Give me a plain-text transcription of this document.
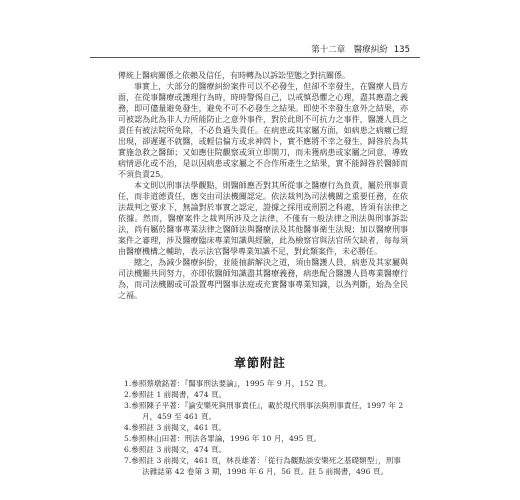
第十二章　醫療糾紛 135

傳統上醫病關係之依賴及信任，有時轉為以訴訟型態之對抗關係。

事實上，大部分的醫療糾紛案件可以不必發生，但卻不幸發生，在醫療人員方面，在從事醫療或護理行為時，時時警惕自己，以戒慎恐懼之心理，盡其應盡之義務，即可儘量避免發生，避免不可不必發生之結果。即使不幸發生意外之結果，亦可被認為此為非人力所能防止之意外事件，對於此則不可抗力之事件，醫護人員之責任有被法院所免除，不必負過失責任。在病患或其家屬方面，如病患之病癥已經出現，卻遲遲不就醫，或輕信偏方或求神問卜，實不應將不幸之發生，歸咎於為其實施急救之醫師；又如應住院觀察或須立即開刀，而未獲病患或家屬之同意，導致病情惡化或不治，是以因病患或家屬之不合作所產生之結果，實不能歸咎於醫師而不須負責25。

本文則以刑事法學觀點，則醫師應否對其所從事之醫療行為負責，屬於刑事責任，而非道德責任，應交由司法機關認定。依法裁判為司法機關之重要任務，在依法裁判之要求下，無論對於事實之認定，證據之採用或刑罰之科處，皆須有法律之依據。然而，醫療案件之裁判所涉及之法律，不僅有一般法律之刑法與刑事訴訟法，尚有屬於醫事專業法律之醫師法與醫療法及其他醫事衛生法規；加以醫療刑事案件之審理，涉及醫療臨床專業知識與經驗，此為檢察官與法官所欠缺者，每每須由醫療機構之輔助，表示法官醫學專業知識不足，對此類案件，未必勝任。

總之，為減少醫療糾紛，並能抽薪解決之道，須由醫護人員，病患及其家屬與司法機關共同努力，亦即依醫師知識盡其醫療義務，病患配合醫護人員專業醫療行為，而司法機關或可設置專門醫事法庭或充實醫事專業知識，以為判斷，始為全民之福。

章節附註

1.參照蔡墩銘著：『醫事刑法要論』，1995 年 9 月，152 頁。

2.參照註 1 前揭書，474 頁。

3.參照陳子平著：『論安樂死與刑事責任』，載於現代刑事法與刑事責任，1997 年 2 月，459 至 461 頁。

4.參照註 3 前揭文，461 頁。

5.參照林山田著：刑法各罪論，1996 年 10 月，495 頁。

6.參照註 3 前揭文，474 頁。

7.參照註 3 前揭文，461 頁，林長雄著：「從行為觀點談安樂死之基礎類型」，刑事法雜誌第 42 卷第 3 期，1998 年 6 月，56 頁。註 5 前揭書，496 頁。
